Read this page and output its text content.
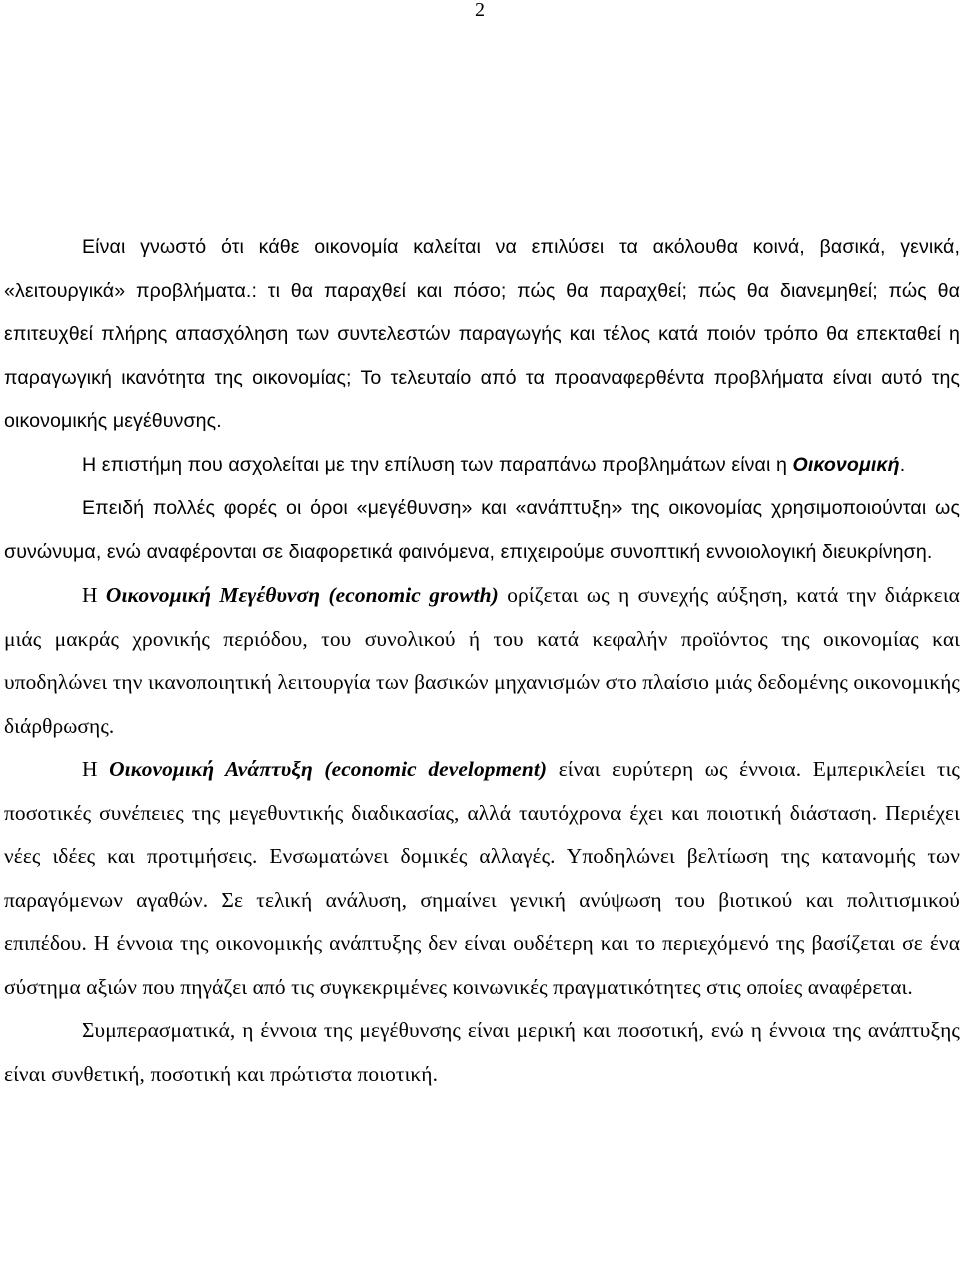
2

Είναι γνωστό ότι κάθε οικονομία καλείται να επιλύσει τα ακόλουθα κοινά, βασικά, γενικά, «λειτουργικά» προβλήματα.: τι θα παραχθεί και πόσο; πώς θα παραχθεί; πώς θα διανεμηθεί; πώς θα επιτευχθεί πλήρης απασχόληση των συντελεστών παραγωγής και τέλος κατά ποιόν τρόπο θα επεκταθεί η παραγωγική ικανότητα της οικονομίας; Το τελευταίο από τα προαναφερθέντα προβλήματα είναι αυτό της οικονομικής μεγέθυνσης.

Η επιστήμη που ασχολείται με την επίλυση των παραπάνω προβλημάτων είναι η Οικονομική.

Επειδή πολλές φορές οι όροι «μεγέθυνση» και «ανάπτυξη» της οικονομίας χρησιμοποιούνται ως συνώνυμα, ενώ αναφέρονται σε διαφορετικά φαινόμενα, επιχειρούμε συνοπτική εννοιολογική διευκρίνηση.

Η Οικονομική Μεγέθυνση (economic growth) ορίζεται ως η συνεχής αύξηση, κατά την διάρκεια μιάς μακράς χρονικής περιόδου, του συνολικού ή του κατά κεφαλήν προϊόντος της οικονομίας και υποδηλώνει την ικανοποιητική λειτουργία των βασικών μηχανισμών στο πλαίσιο μιάς δεδομένης οικονομικής διάρθρωσης.

Η Οικονομική Ανάπτυξη (economic development) είναι ευρύτερη ως έννοια. Εμπερικλείει τις ποσοτικές συνέπειες της μεγεθυντικής διαδικασίας, αλλά ταυτόχρονα έχει και ποιοτική διάσταση. Περιέχει νέες ιδέες και προτιμήσεις. Ενσωματώνει δομικές αλλαγές. Υποδηλώνει βελτίωση της κατανομής των παραγόμενων αγαθών. Σε τελική ανάλυση, σημαίνει γενική ανύψωση του βιοτικού και πολιτισμικού επιπέδου. Η έννοια της οικονομικής ανάπτυξης δεν είναι ουδέτερη και το περιεχόμενό της βασίζεται σε ένα σύστημα αξιών που πηγάζει από τις συγκεκριμένες κοινωνικές πραγματικότητες στις οποίες αναφέρεται.

Συμπερασματικά, η έννοια της μεγέθυνσης είναι μερική και ποσοτική, ενώ η έννοια της ανάπτυξης είναι συνθετική, ποσοτική και πρώτιστα ποιοτική.
